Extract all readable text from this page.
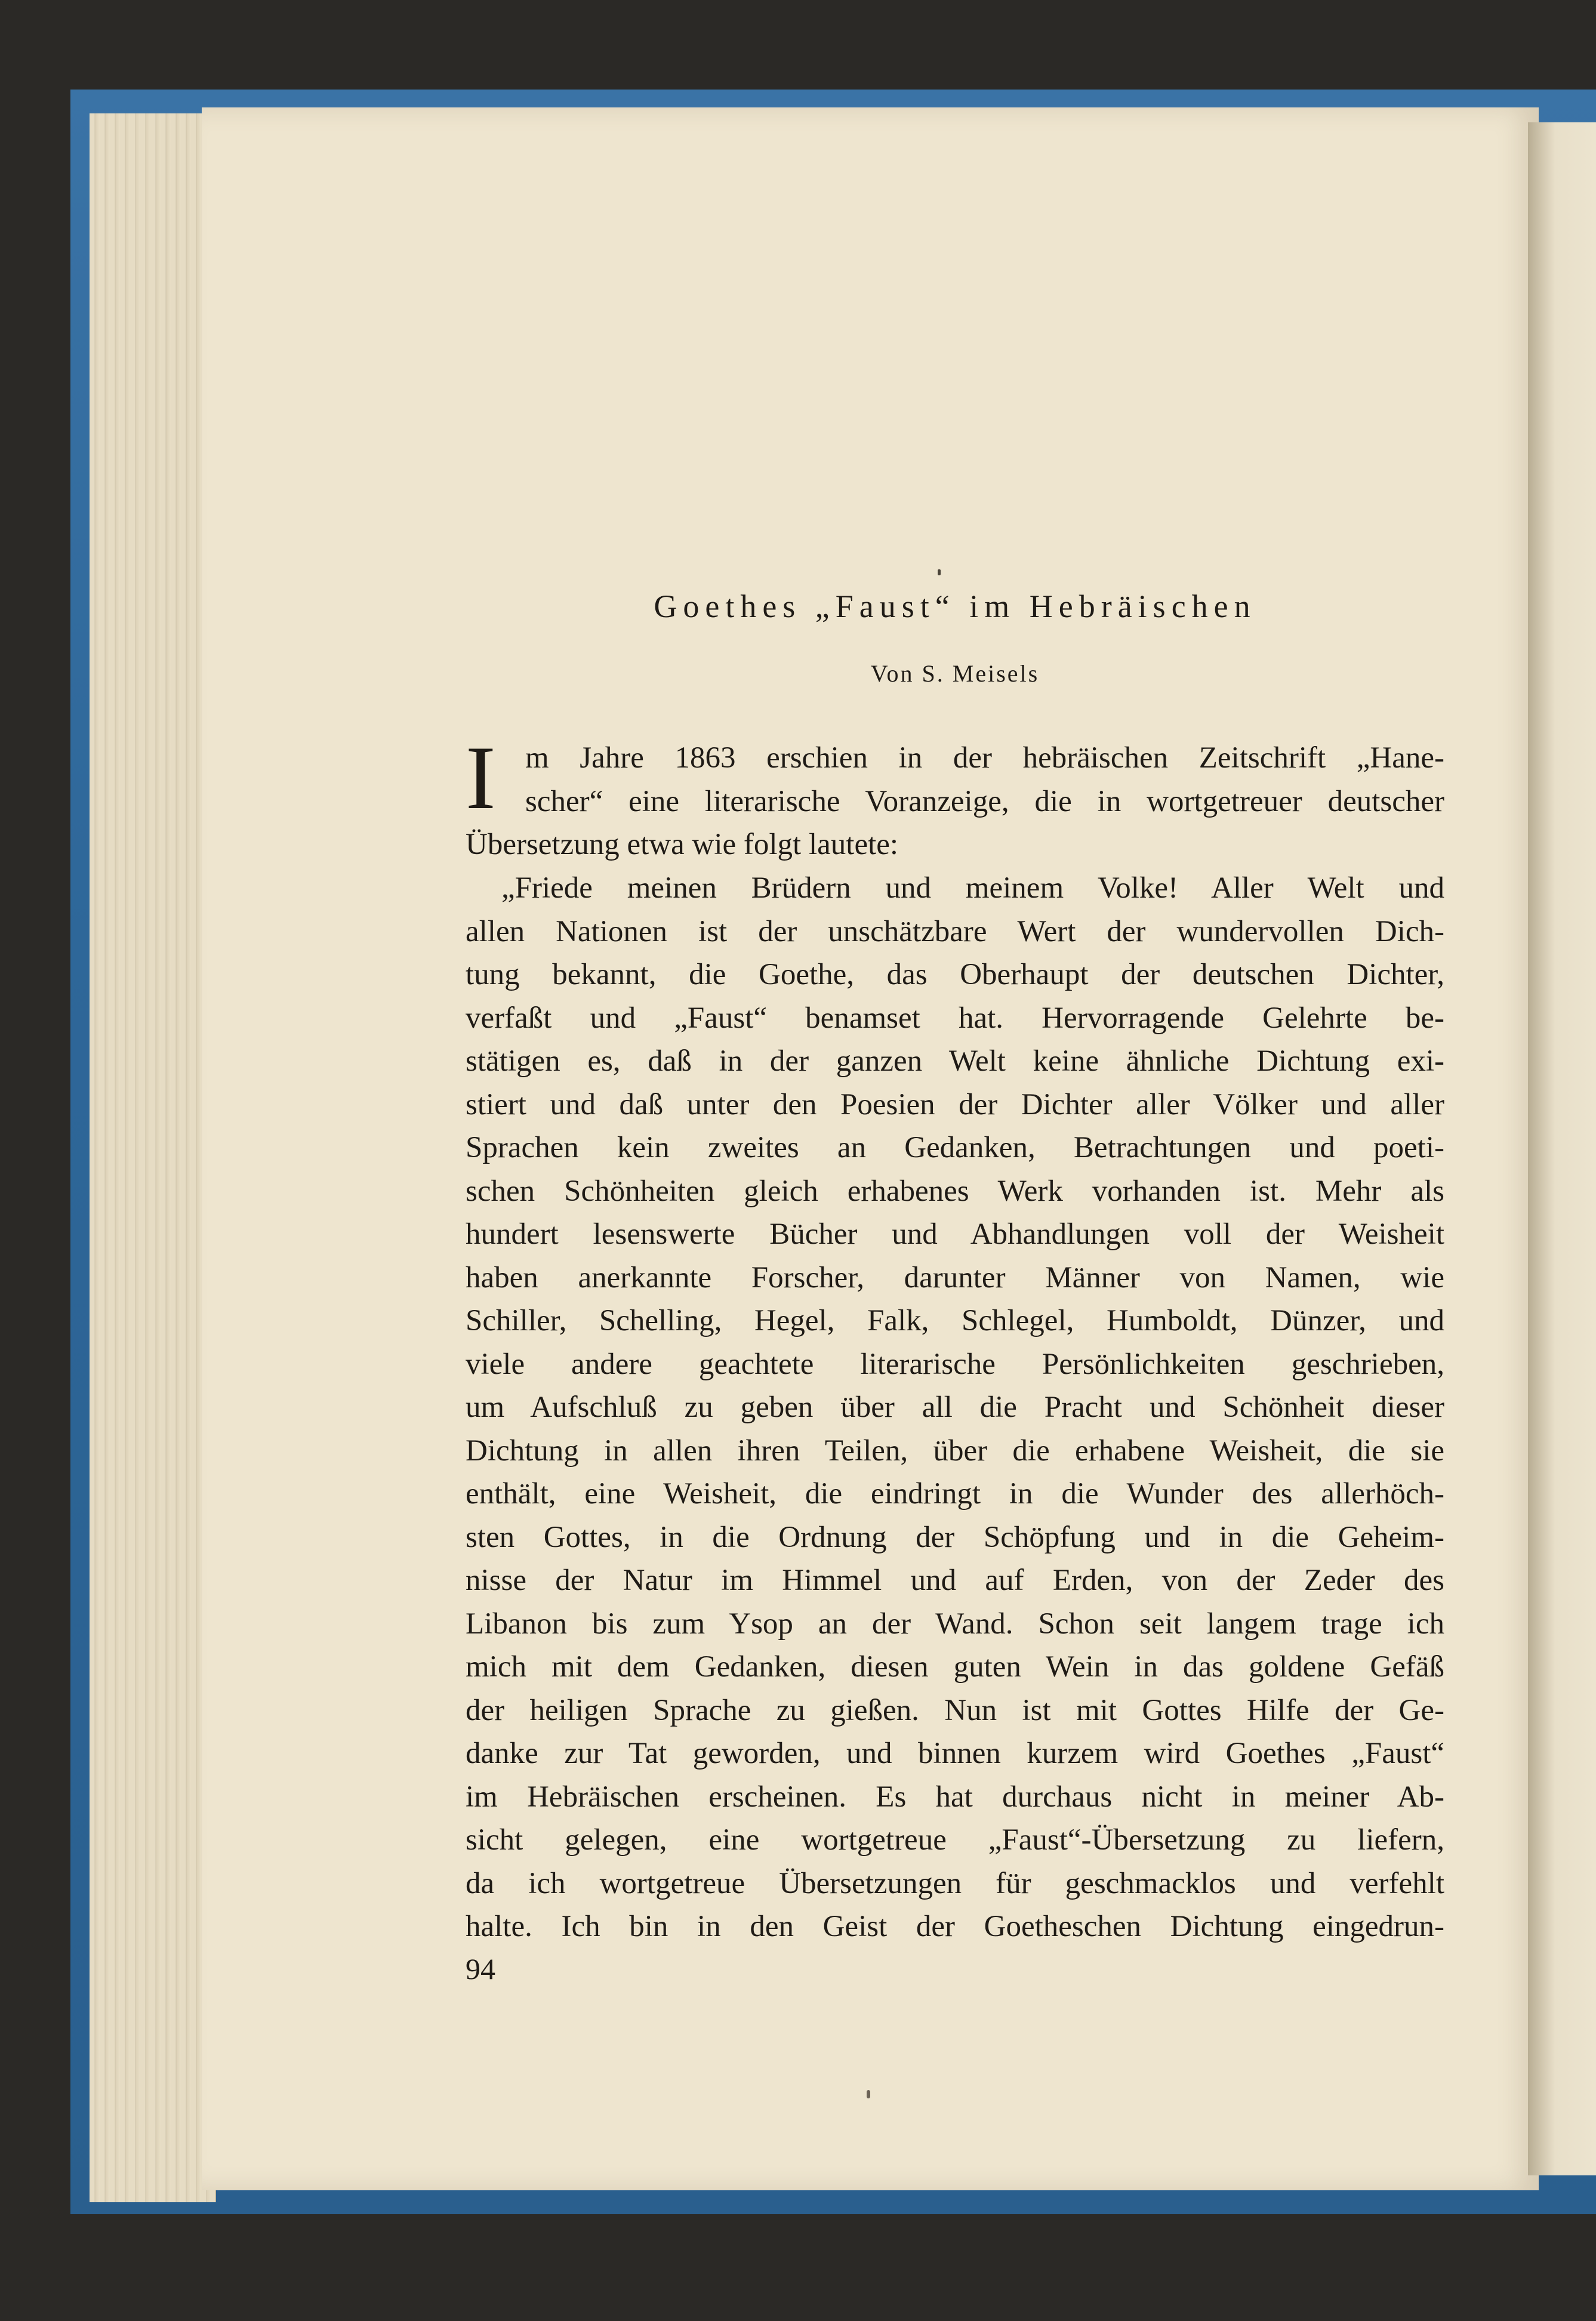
Goethes „Faust“ im Hebräischen
Von S. Meisels
I m Jahre 1863 erschien in der hebräischen Zeitschrift „Hane-
scher“ eine literarische Voranzeige, die in wortgetreuer deutscher
Übersetzung etwa wie folgt lautete:
„Friede meinen Brüdern und meinem Volke! Aller Welt und
allen Nationen ist der unschätzbare Wert der wundervollen Dich-
tung bekannt, die Goethe, das Oberhaupt der deutschen Dichter,
verfaßt und „Faust“ benamset hat. Hervorragende Gelehrte be-
stätigen es, daß in der ganzen Welt keine ähnliche Dichtung exi-
stiert und daß unter den Poesien der Dichter aller Völker und aller
Sprachen kein zweites an Gedanken, Betrachtungen und poeti-
schen Schönheiten gleich erhabenes Werk vorhanden ist. Mehr als
hundert lesenswerte Bücher und Abhandlungen voll der Weisheit
haben anerkannte Forscher, darunter Männer von Namen, wie
Schiller, Schelling, Hegel, Falk, Schlegel, Humboldt, Dünzer, und
viele andere geachtete literarische Persönlichkeiten geschrieben,
um Aufschluß zu geben über all die Pracht und Schönheit dieser
Dichtung in allen ihren Teilen, über die erhabene Weisheit, die sie
enthält, eine Weisheit, die eindringt in die Wunder des allerhöch-
sten Gottes, in die Ordnung der Schöpfung und in die Geheim-
nisse der Natur im Himmel und auf Erden, von der Zeder des
Libanon bis zum Ysop an der Wand. Schon seit langem trage ich
mich mit dem Gedanken, diesen guten Wein in das goldene Gefäß
der heiligen Sprache zu gießen. Nun ist mit Gottes Hilfe der Ge-
danke zur Tat geworden, und binnen kurzem wird Goethes „Faust“
im Hebräischen erscheinen. Es hat durchaus nicht in meiner Ab-
sicht gelegen, eine wortgetreue „Faust“-Übersetzung zu liefern,
da ich wortgetreue Übersetzungen für geschmacklos und verfehlt
halte. Ich bin in den Geist der Goetheschen Dichtung eingedrun-
94
